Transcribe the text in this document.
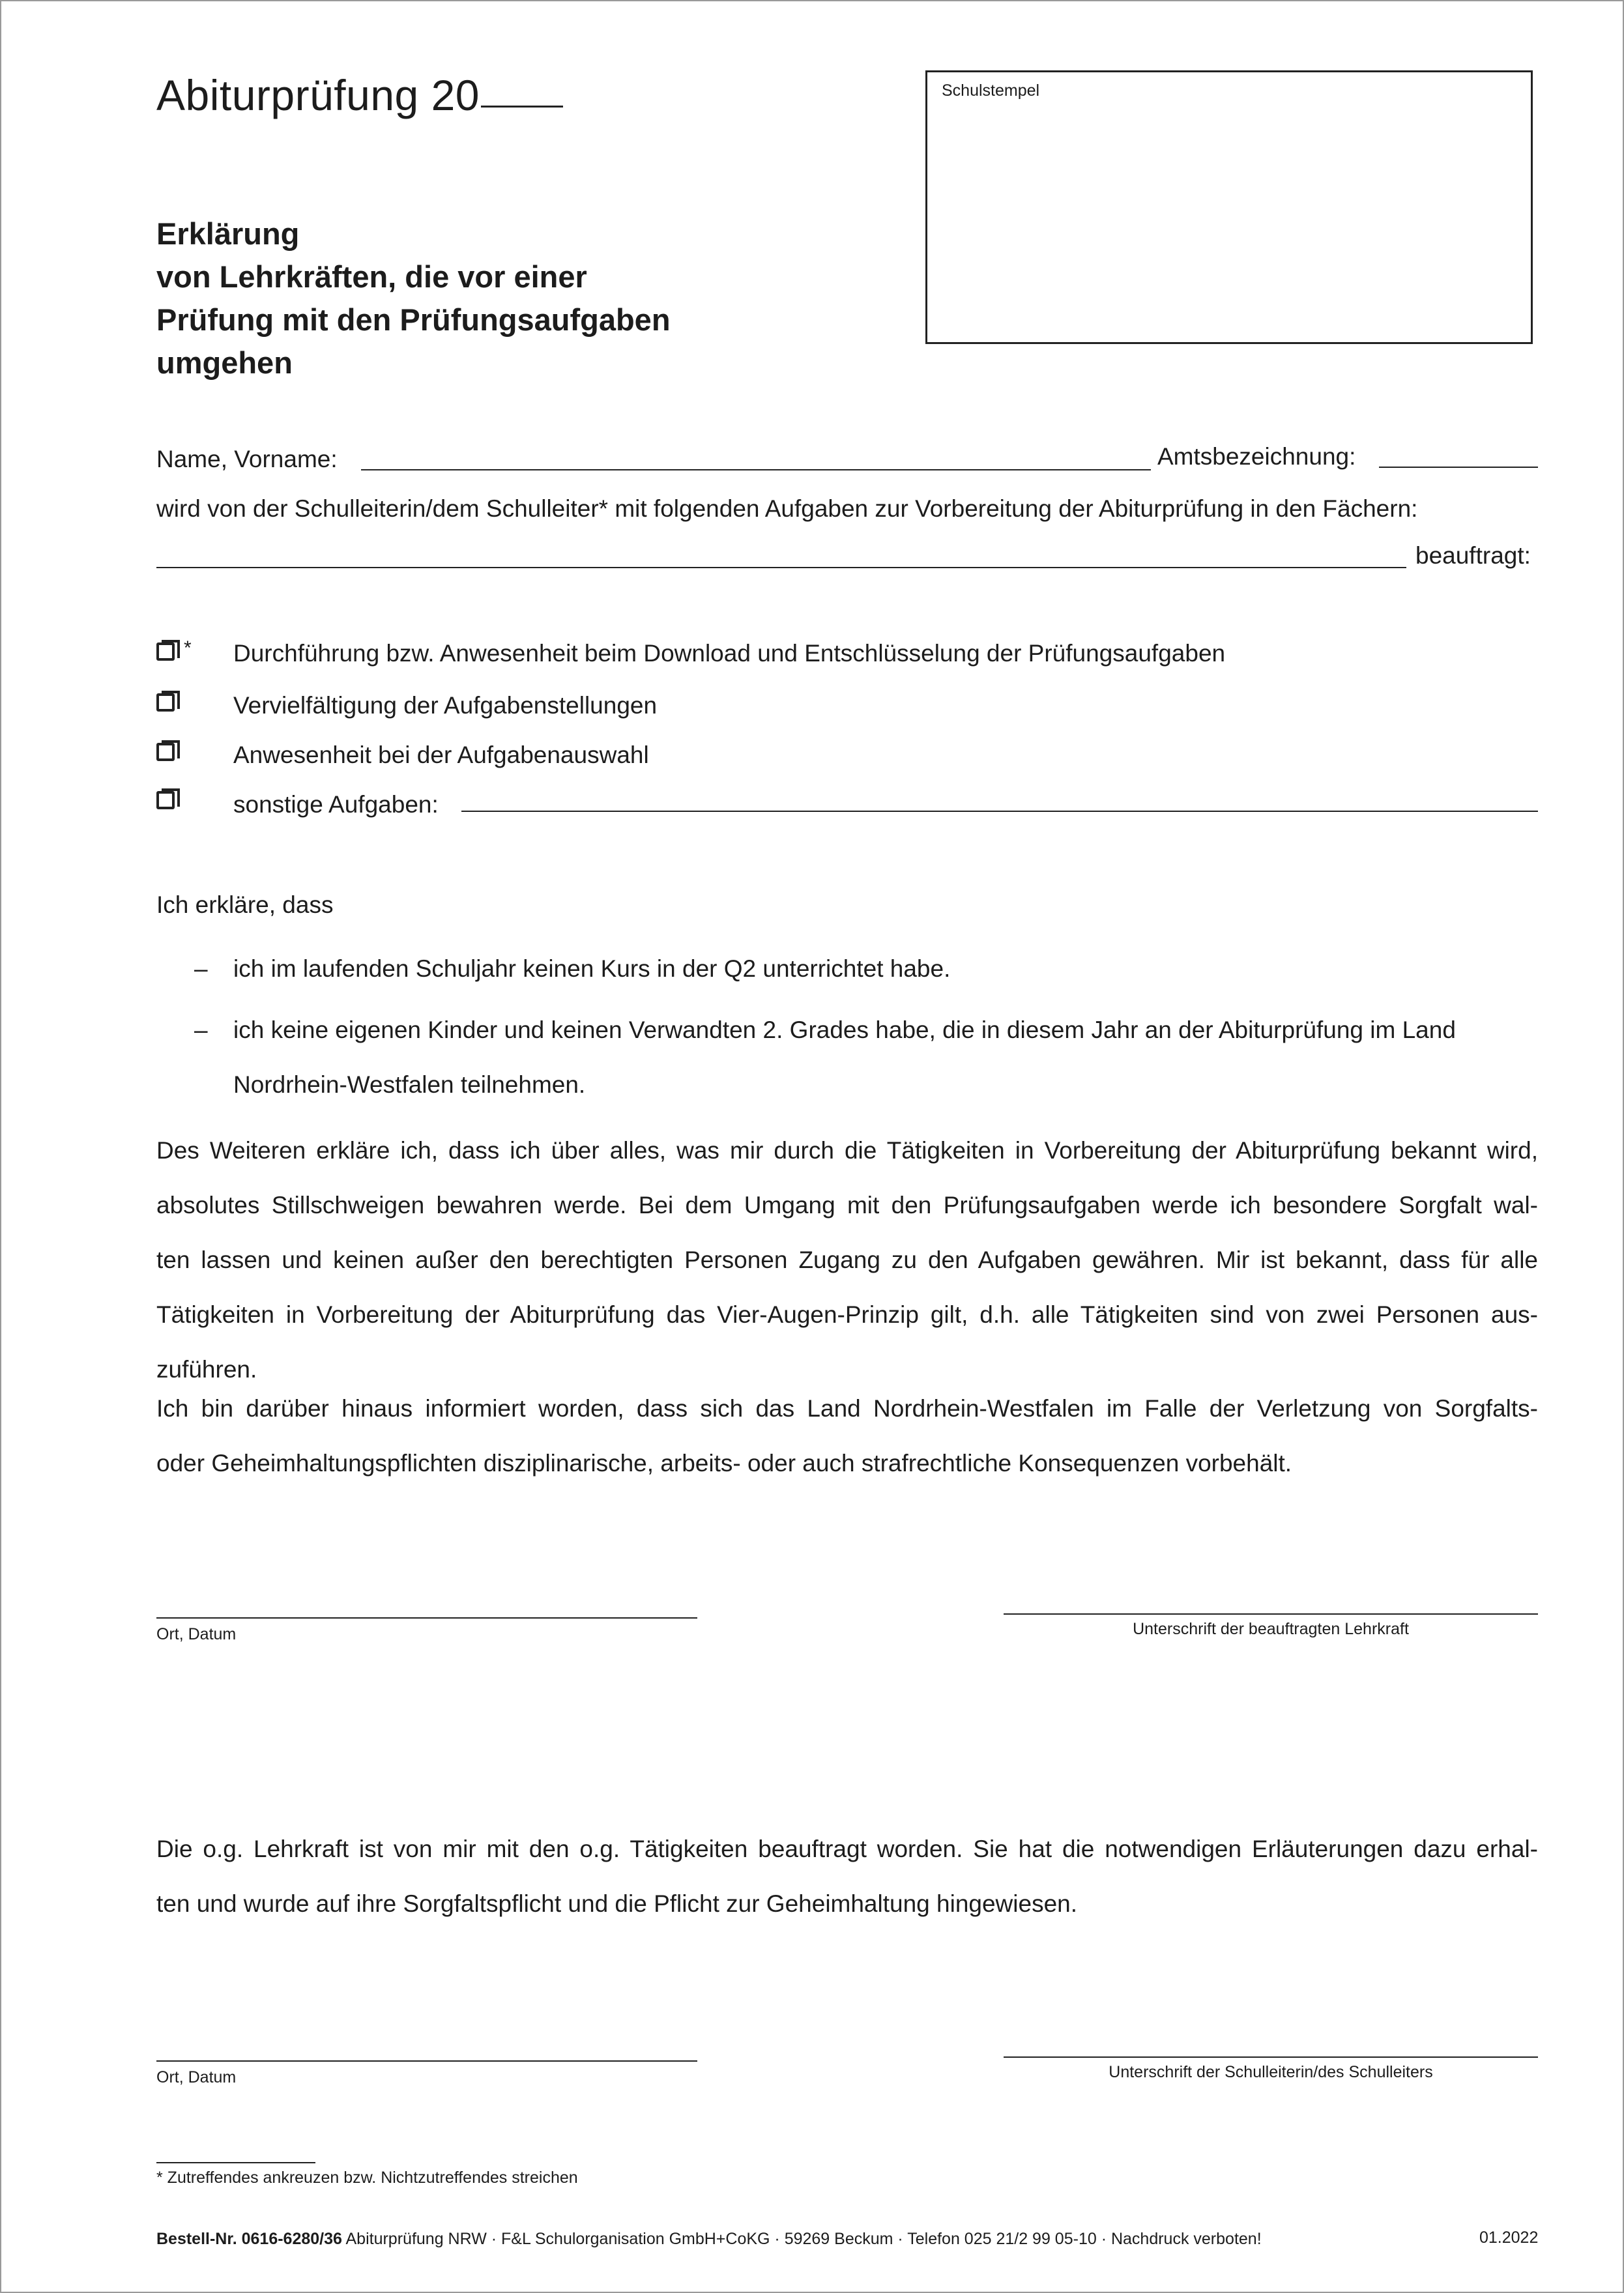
Abiturprüfung 20	Schulstempel
Erklärung
von Lehrkräften, die vor einer
Prüfung mit den Prüfungsaufgaben
umgehen
Name, Vorname:	Amtsbezeichnung:
wird von der Schulleiterin/dem Schulleiter* mit folgenden Aufgaben zur Vorbereitung der Abiturprüfung in den Fächern:
beauftragt:
* Durchführung bzw. Anwesenheit beim Download und Entschlüsselung der Prüfungsaufgaben
Vervielfältigung der Aufgabenstellungen
Anwesenheit bei der Aufgabenauswahl
sonstige Aufgaben:
Ich erkläre, dass
– ich im laufenden Schuljahr keinen Kurs in der Q2 unterrichtet habe.
– ich keine eigenen Kinder und keinen Verwandten 2. Grades habe, die in diesem Jahr an der Abiturprüfung im Land
Nordrhein-Westfalen teilnehmen.
Des Weiteren erkläre ich, dass ich über alles, was mir durch die Tätigkeiten in Vorbereitung der Abiturprüfung bekannt wird,
absolutes Stillschweigen bewahren werde. Bei dem Umgang mit den Prüfungsaufgaben werde ich besondere Sorgfalt wal-
ten lassen und keinen außer den berechtigten Personen Zugang zu den Aufgaben gewähren. Mir ist bekannt, dass für alle
Tätigkeiten in Vorbereitung der Abiturprüfung das Vier-Augen-Prinzip gilt, d.h. alle Tätigkeiten sind von zwei Personen aus-
zuführen.
Ich bin darüber hinaus informiert worden, dass sich das Land Nordrhein-Westfalen im Falle der Verletzung von Sorgfalts-
oder Geheimhaltungspflichten disziplinarische, arbeits- oder auch strafrechtliche Konsequenzen vorbehält.
Ort, Datum	Unterschrift der beauftragten Lehrkraft
Die o.g. Lehrkraft ist von mir mit den o.g. Tätigkeiten beauftragt worden. Sie hat die notwendigen Erläuterungen dazu erhal-
ten und wurde auf ihre Sorgfaltspflicht und die Pflicht zur Geheimhaltung hingewiesen.
Ort, Datum	Unterschrift der Schulleiterin/des Schulleiters
* Zutreffendes ankreuzen bzw. Nichtzutreffendes streichen
Bestell-Nr. 0616-6280/36 Abiturprüfung NRW · F&L Schulorganisation GmbH+CoKG · 59269 Beckum · Telefon 025 21/2 99 05-10 · Nachdruck verboten!	01.2022
